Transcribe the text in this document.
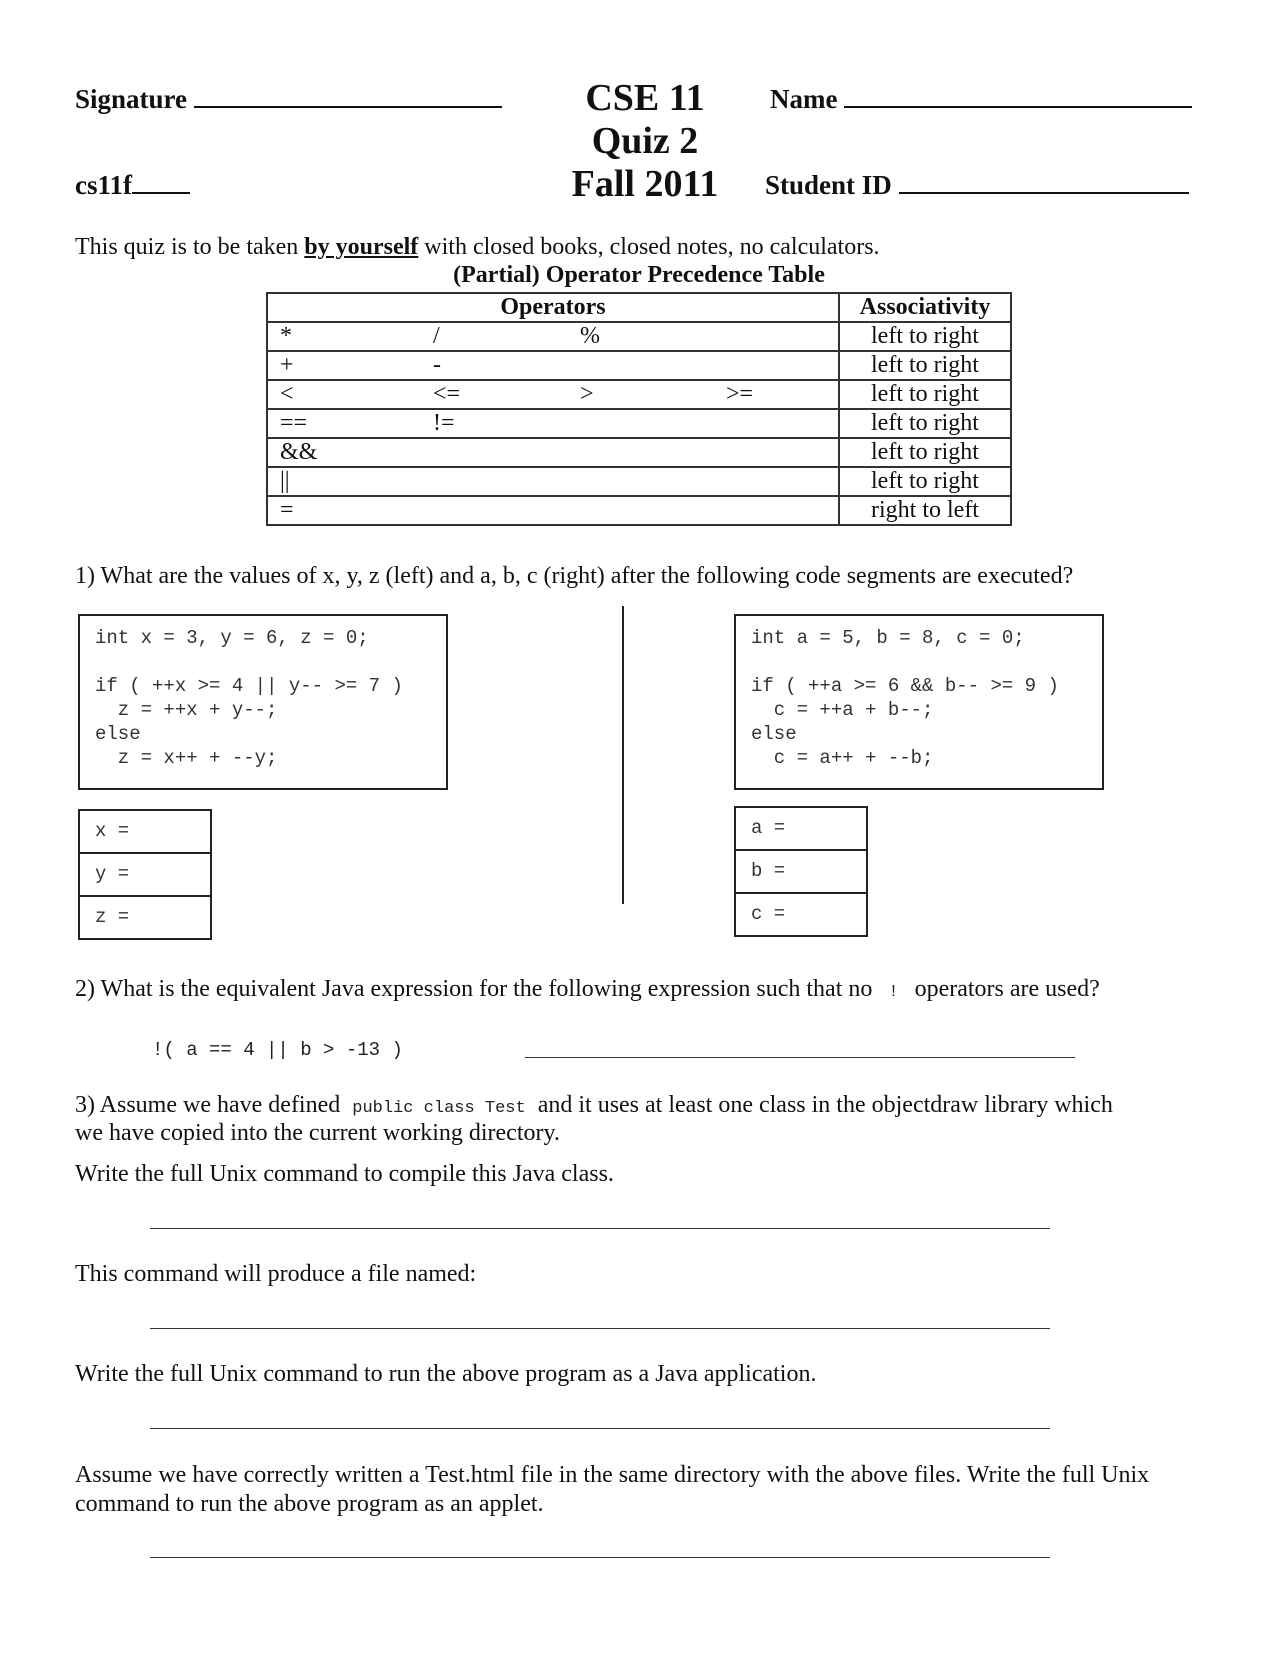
Signature
cs11f
CSE 11
Quiz 2
Fall 2011
Name
Student ID
This quiz is to be taken by yourself with closed books, closed notes, no calculators.
(Partial) Operator Precedence Table
Operators	Associativity

* / %	left to right

+ -	left to right

< <= > >=	left to right

== !=	left to right

&&	left to right

||	left to right

=	right to left
1) What are the values of x, y, z (left) and a, b, c (right) after the following code segments are executed?
int x = 3, y = 6, z = 0;

if ( ++x >= 4 || y-- >= 7 )
z = ++x + y--;
else
z = x++ + --y;
int a = 5, b = 8, c = 0;

if ( ++a >= 6 && b-- >= 9 )
c = ++a + b--;
else
c = a++ + --b;
x =
y =
z =
a =
b =
c =
2) What is the equivalent Java expression for the following expression such that no ! operators are used?
!( a == 4 || b > -13 )
3) Assume we have defined public class Test and it uses at least one class in the objectdraw library which
we have copied into the current working directory.
Write the full Unix command to compile this Java class.
This command will produce a file named:
Write the full Unix command to run the above program as a Java application.
Assume we have correctly written a Test.html file in the same directory with the above files. Write the full Unix
command to run the above program as an applet.
